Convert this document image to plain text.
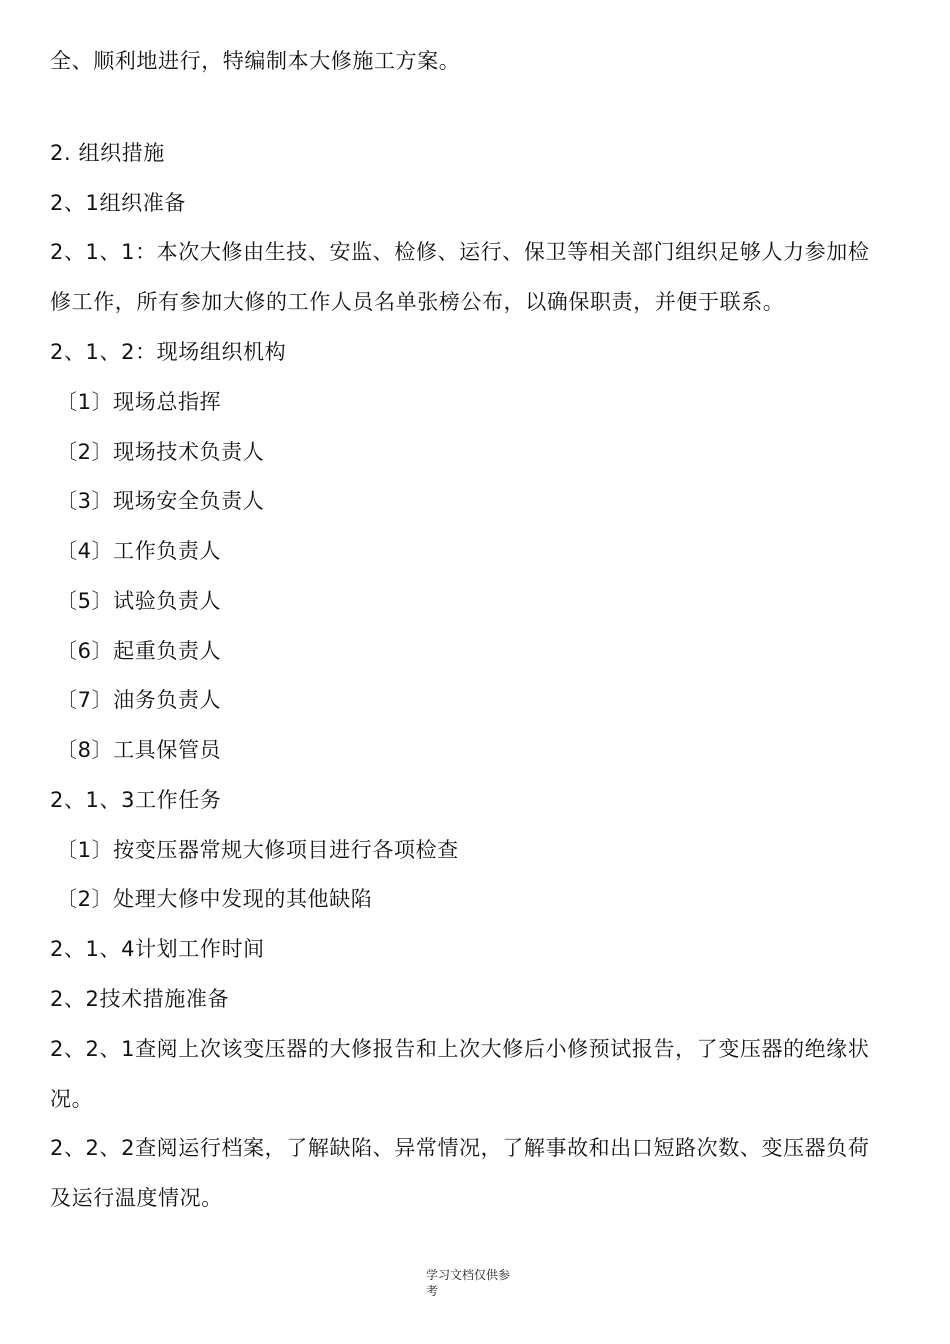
全、顺利地进行，特编制本大修施工方案。
2. 组织措施
2、1组织准备
2、1、1：本次大修由生技、安监、检修、运行、保卫等相关部门组织足够人力参加检
修工作，所有参加大修的工作人员名单张榜公布，以确保职责，并便于联系。
2、1、2：现场组织机构
〔1〕现场总指挥
〔2〕现场技术负责人
〔3〕现场安全负责人
〔4〕工作负责人
〔5〕试验负责人
〔6〕起重负责人
〔7〕油务负责人
〔8〕工具保管员
2、1、3工作任务
〔1〕按变压器常规大修项目进行各项检查
〔2〕处理大修中发现的其他缺陷
2、1、4计划工作时间
2、2技术措施准备
2、2、1查阅上次该变压器的大修报告和上次大修后小修预试报告，了变压器的绝缘状
况。
2、2、2查阅运行档案，了解缺陷、异常情况，了解事故和出口短路次数、变压器负荷
及运行温度情况。
学习文档仅供参
考
